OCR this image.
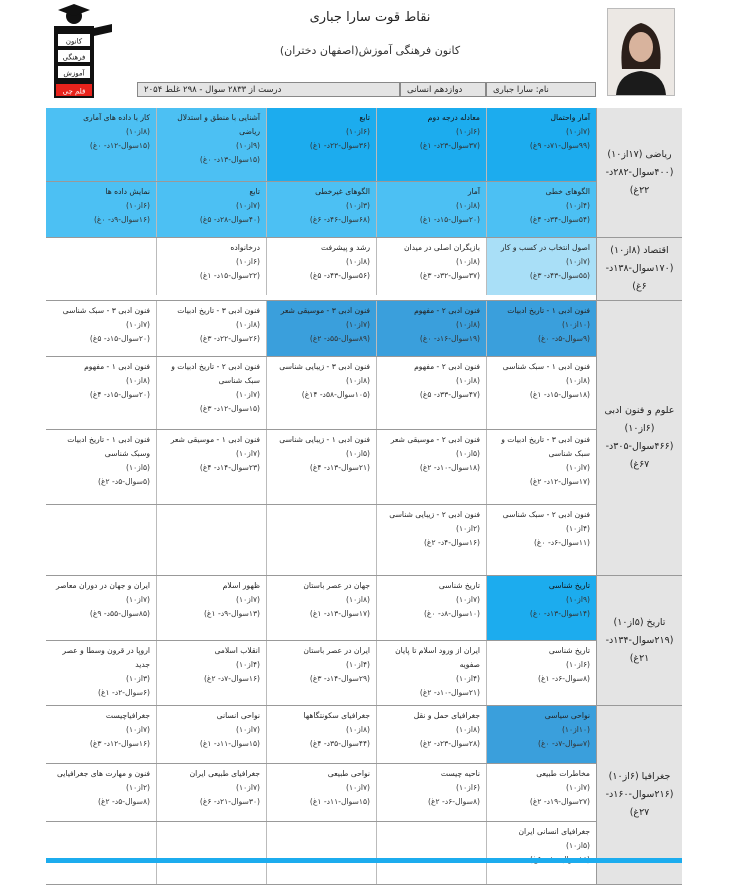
کانون
فرهنگی
آموزش
قلم چی
نقاط قوت سارا جباری
کانون فرهنگی آموزش(اصفهان دختران)
نام: سارا جباری
دوازدهم انسانی
۲۰۵۴ درست از ۲۸۳۳ سوال - ۲۹۸ غلط
ریاضی (۱۷از۱۰) (۴۰۰سوال-۲۸۲د- ۲۲غ)
آمار واحتمال
(۷از۱۰)
(۹۹سوال-۷۱د- ۹غ)
معادله درجه دوم
(۶از۱۰)
(۳۷سوال-۲۳د- ۱غ)
تابع
(۶از۱۰)
(۳۶سوال-۲۲د- ۱غ)
آشنایی با منطق و استدلال ریاضی
(۹از۱۰)
(۱۵سوال-۱۳د- ۰غ)
کار با داده های آماری
(۸از۱۰)
(۱۵سوال-۱۲د- ۰غ)
الگوهای خطی
(۴از۱۰)
(۵۴سوال-۳۴د- ۴غ)
آمار
(۸از۱۰)
(۲۰سوال-۱۵د- ۱غ)
الگوهای غیرخطی
(۳از۱۰)
(۶۸سوال-۴۶د- ۶غ)
تابع
(۷از۱۰)
(۴۰سوال-۲۸د- ۵غ)
نمایش داده ها
(۶از۱۰)
(۱۶سوال-۹د- ۰غ)
اقتصاد (۸از۱۰) (۱۷۰سوال-۱۳۸د- ۶غ)
اصول انتخاب در کسب و کار
(۷از۱۰)
(۵۵سوال-۴۳د- ۳غ)
بازیگران اصلی در میدان
(۸از۱۰)
(۳۷سوال-۳۲د- ۳غ)
رشد و پیشرفت
(۸از۱۰)
(۵۶سوال-۴۳د- ۵غ)
درخانواده
(۶از۱۰)
(۲۲سوال-۱۵د- ۱غ)
علوم و فنون ادبی (۶از۱۰) (۴۶۶سوال-۳۰۵د- ۶۷غ)
فنون ادبی ۱ - تاریخ ادبیات
(۱۰از۱۰)
(۹سوال-۵د- ۰غ)
فنون ادبی ۲ - مفهوم
(۸از۱۰)
(۱۹سوال-۱۶د- ۰غ)
فنون ادبی ۳ - موسیقی شعر
(۷از۱۰)
(۸۹سوال-۵۵د- ۲غ)
فنون ادبی ۳ - تاریخ ادبیات
(۸از۱۰)
(۲۶سوال-۲۲د- ۳غ)
فنون ادبی ۳ - سبک شناسی
(۷از۱۰)
(۲۰سوال-۱۵د- ۵غ)
فنون ادبی ۱ - سبک شناسی
(۸از۱۰)
(۱۸سوال-۱۵د- ۱غ)
فنون ادبی ۲ - مفهوم
(۸از۱۰)
(۴۷سوال-۳۳د- ۵غ)
فنون ادبی ۳ - زیبایی شناسی
(۸از۱۰)
(۱۰۵سوال-۵۸د- ۱۴غ)
فنون ادبی ۲ - تاریخ ادبیات و سبک شناسی
(۷از۱۰)
(۱۵سوال-۱۲د- ۳غ)
فنون ادبی ۱ - مفهوم
(۸از۱۰)
(۲۰سوال-۱۵د- ۴غ)
فنون ادبی ۳ - تاریخ ادبیات و سبک شناسی
(۷از۱۰)
(۱۷سوال-۱۲د- ۲غ)
فنون ادبی ۲ - موسیقی شعر
(۵از۱۰)
(۱۸سوال-۱۰د- ۲غ)
فنون ادبی ۱ - زیبایی شناسی
(۵از۱۰)
(۲۱سوال-۱۳د- ۴غ)
فنون ادبی ۱ - موسیقی شعر
(۷از۱۰)
(۲۳سوال-۱۴د- ۴غ)
فنون ادبی ۱ - تاریخ ادبیات وسبک شناسی
(۵از۱۰)
(۵سوال-۵د- ۲غ)
فنون ادبی ۲ - سبک شناسی
(۴از۱۰)
(۱۱سوال-۶د- ۰غ)
فنون ادبی ۲ - زیبایی شناسی
(۲از۱۰)
(۱۶سوال-۴د- ۲غ)
تاریخ (۵از۱۰) (۲۱۹سوال-۱۳۴د- ۲۱غ)
تاریخ شناسی
(۹از۱۰)
(۱۴سوال-۱۳د- ۰غ)
تاریخ شناسی
(۷از۱۰)
(۱۰سوال-۸د- ۰غ)
جهان در عصر باستان
(۸از۱۰)
(۱۷سوال-۱۳د- ۱غ)
ظهور اسلام
(۷از۱۰)
(۱۳سوال-۹د- ۱غ)
ایران و جهان در دوران معاصر
(۷از۱۰)
(۸۵سوال-۵۵د- ۹غ)
تاریخ شناسی
(۶از۱۰)
(۸سوال-۶د- ۱غ)
ایران از ورود اسلام تا پایان صفویه
(۴از۱۰)
(۲۱سوال-۱۰د- ۲غ)
ایران در عصر باستان
(۴از۱۰)
(۲۹سوال-۱۴د- ۳غ)
انقلاب اسلامی
(۴از۱۰)
(۱۶سوال-۷د- ۲غ)
اروپا در قرون وسطا و عصر جدید
(۳از۱۰)
(۶سوال-۲د- ۱غ)
جغرافیا (۶از۱۰) (۲۱۶سوال-۱۶۰د- ۲۷غ)
نواحی سیاسی
(۱۰از۱۰)
(۷سوال-۷د- ۰غ)
جغرافیای حمل و نقل
(۸از۱۰)
(۲۸سوال-۲۳د- ۲غ)
جغرافیای سکونتگاهها
(۸از۱۰)
(۴۴سوال-۳۵د- ۴غ)
نواحی انسانی
(۷از۱۰)
(۱۵سوال-۱۱د- ۱غ)
جغرافیاچیست
(۷از۱۰)
(۱۶سوال-۱۲د- ۳غ)
مخاطرات طبیعی
(۷از۱۰)
(۲۷سوال-۱۹د- ۲غ)
ناحیه چیست
(۶از۱۰)
(۸سوال-۶د- ۲غ)
نواحی طبیعی
(۷از۱۰)
(۱۵سوال-۱۱د- ۱غ)
جغرافیای طبیعی ایران
(۷از۱۰)
(۳۰سوال-۲۱د- ۶غ)
فنون و مهارت های جغرافیایی
(۲از۱۰)
(۸سوال-۵د- ۲غ)
جغرافیای انسانی ایران
(۵از۱۰)
